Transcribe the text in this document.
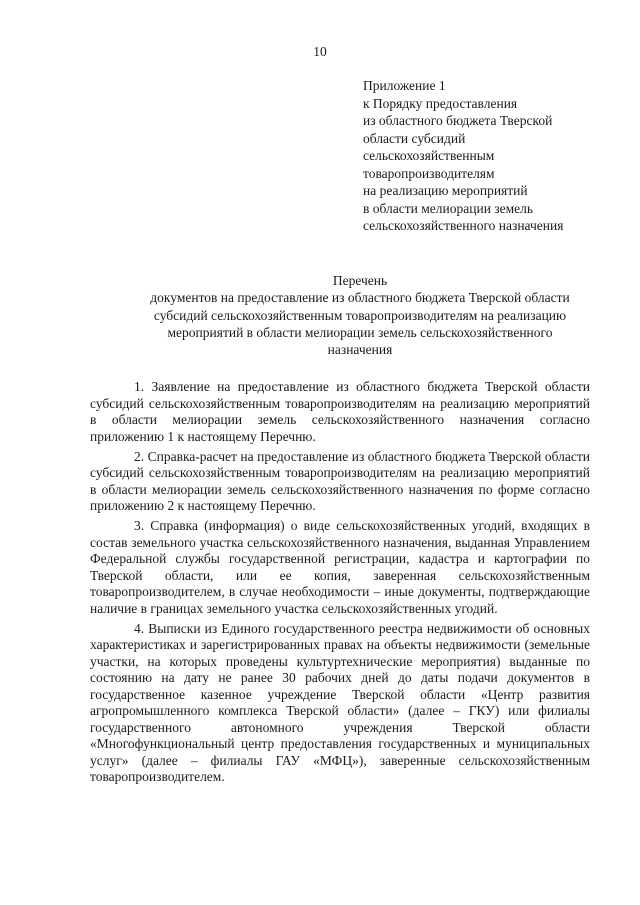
10
Приложение 1
к Порядку предоставления
из областного бюджета Тверской
области субсидий
сельскохозяйственным
товаропроизводителям
на реализацию мероприятий
в области мелиорации земель
сельскохозяйственного назначения
Перечень
документов на предоставление из областного бюджета Тверской области
субсидий сельскохозяйственным товаропроизводителям на реализацию
мероприятий в области мелиорации земель сельскохозяйственного
назначения

1. Заявление на предоставление из областного бюджета Тверской области субсидий сельскохозяйственным товаропроизводителям на реализацию мероприятий в области мелиорации земель сельскохозяйственного назначения согласно приложению 1 к настоящему Перечню.

2. Справка-расчет на предоставление из областного бюджета Тверской области субсидий сельскохозяйственным товаропроизводителям на реализацию мероприятий в области мелиорации земель сельскохозяйственного назначения по форме согласно приложению 2 к настоящему Перечню.

3. Справка (информация) о виде сельскохозяйственных угодий, входящих в состав земельного участка сельскохозяйственного назначения, выданная Управлением Федеральной службы государственной регистрации, кадастра и картографии по Тверской области, или ее копия, заверенная сельскохозяйственным товаропроизводителем, в случае необходимости – иные документы, подтверждающие наличие в границах земельного участка сельскохозяйственных угодий.

4. Выписки из Единого государственного реестра недвижимости об основных характеристиках и зарегистрированных правах на объекты недвижимости (земельные участки, на которых проведены культуртехнические мероприятия) выданные по состоянию на дату не ранее 30 рабочих дней до даты подачи документов в государственное казенное учреждение Тверской области «Центр развития агропромышленного комплекса Тверской области» (далее – ГКУ) или филиалы государственного автономного учреждения Тверской области «Многофункциональный центр предоставления государственных и муниципальных услуг» (далее – филиалы ГАУ «МФЦ»), заверенные сельскохозяйственным товаропроизводителем.
